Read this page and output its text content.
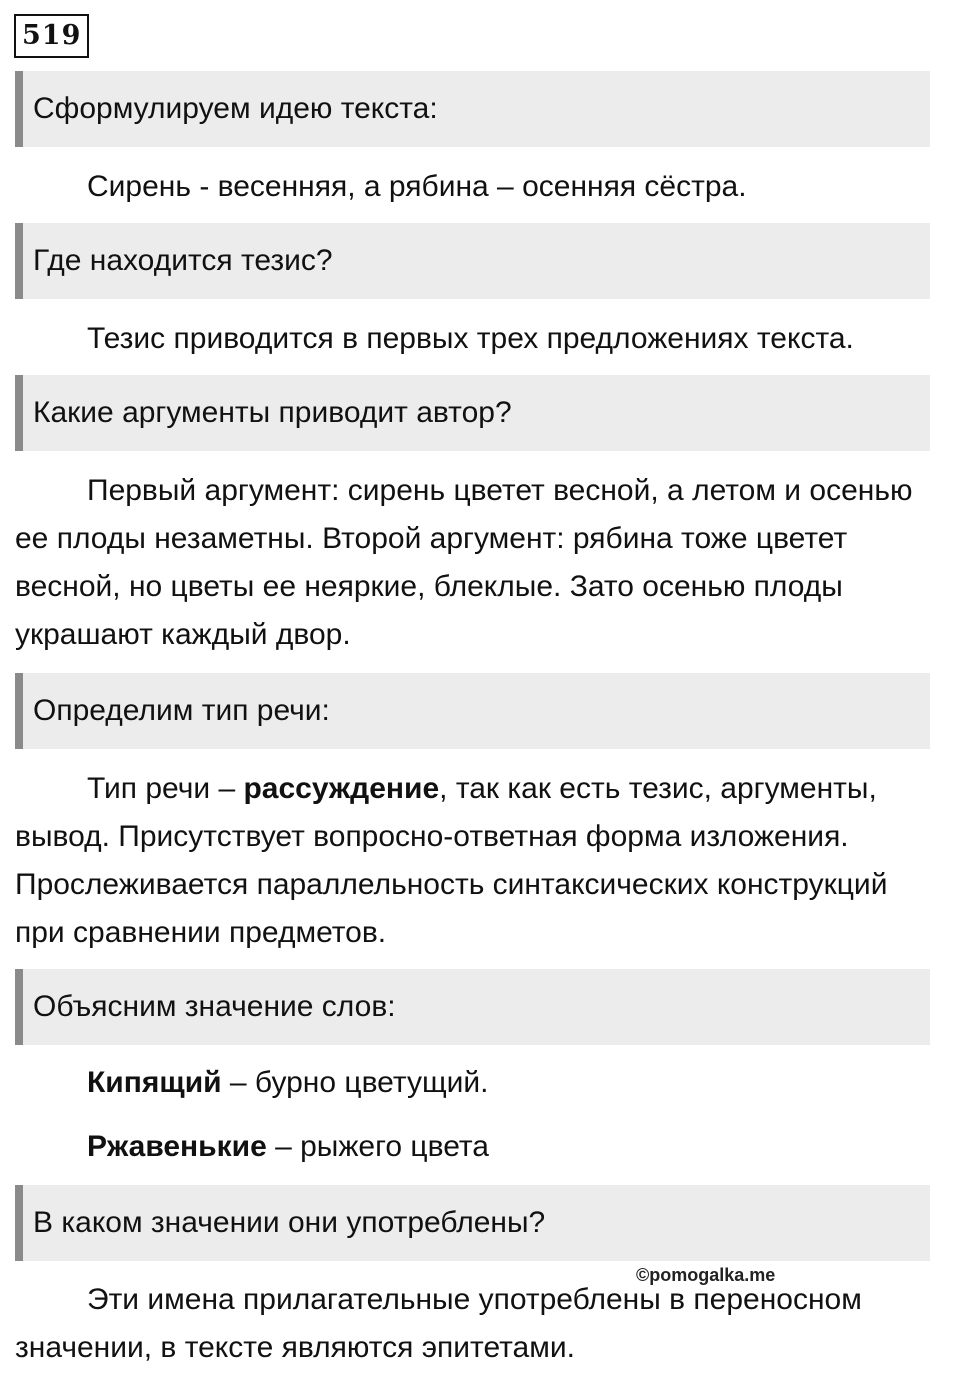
519
Сформулируем идею текста:

Сирень - весенняя, а рябина – осенняя сёстра.

Где находится тезис?

Тезис приводится в первых трех предложениях текста.

Какие аргументы приводит автор?

Первый аргумент: сирень цветет весной, а летом и осенью ее плоды незаметны. Второй аргумент: рябина тоже цветет весной, но цветы ее неяркие, блеклые. Зато осенью плоды украшают каждый двор.

Определим тип речи:

Тип речи – рассуждение, так как есть тезис, аргументы, вывод. Присутствует вопросно-ответная форма изложения. Прослеживается параллельность синтаксических конструкций при сравнении предметов.

Объясним значение слов:
Кипящий – бурно цветущий.
Ржавенькие – рыжего цвета
В каком значении они употреблены?
©pomogalka.me

Эти имена прилагательные употреблены в переносном значении, в тексте являются эпитетами.
